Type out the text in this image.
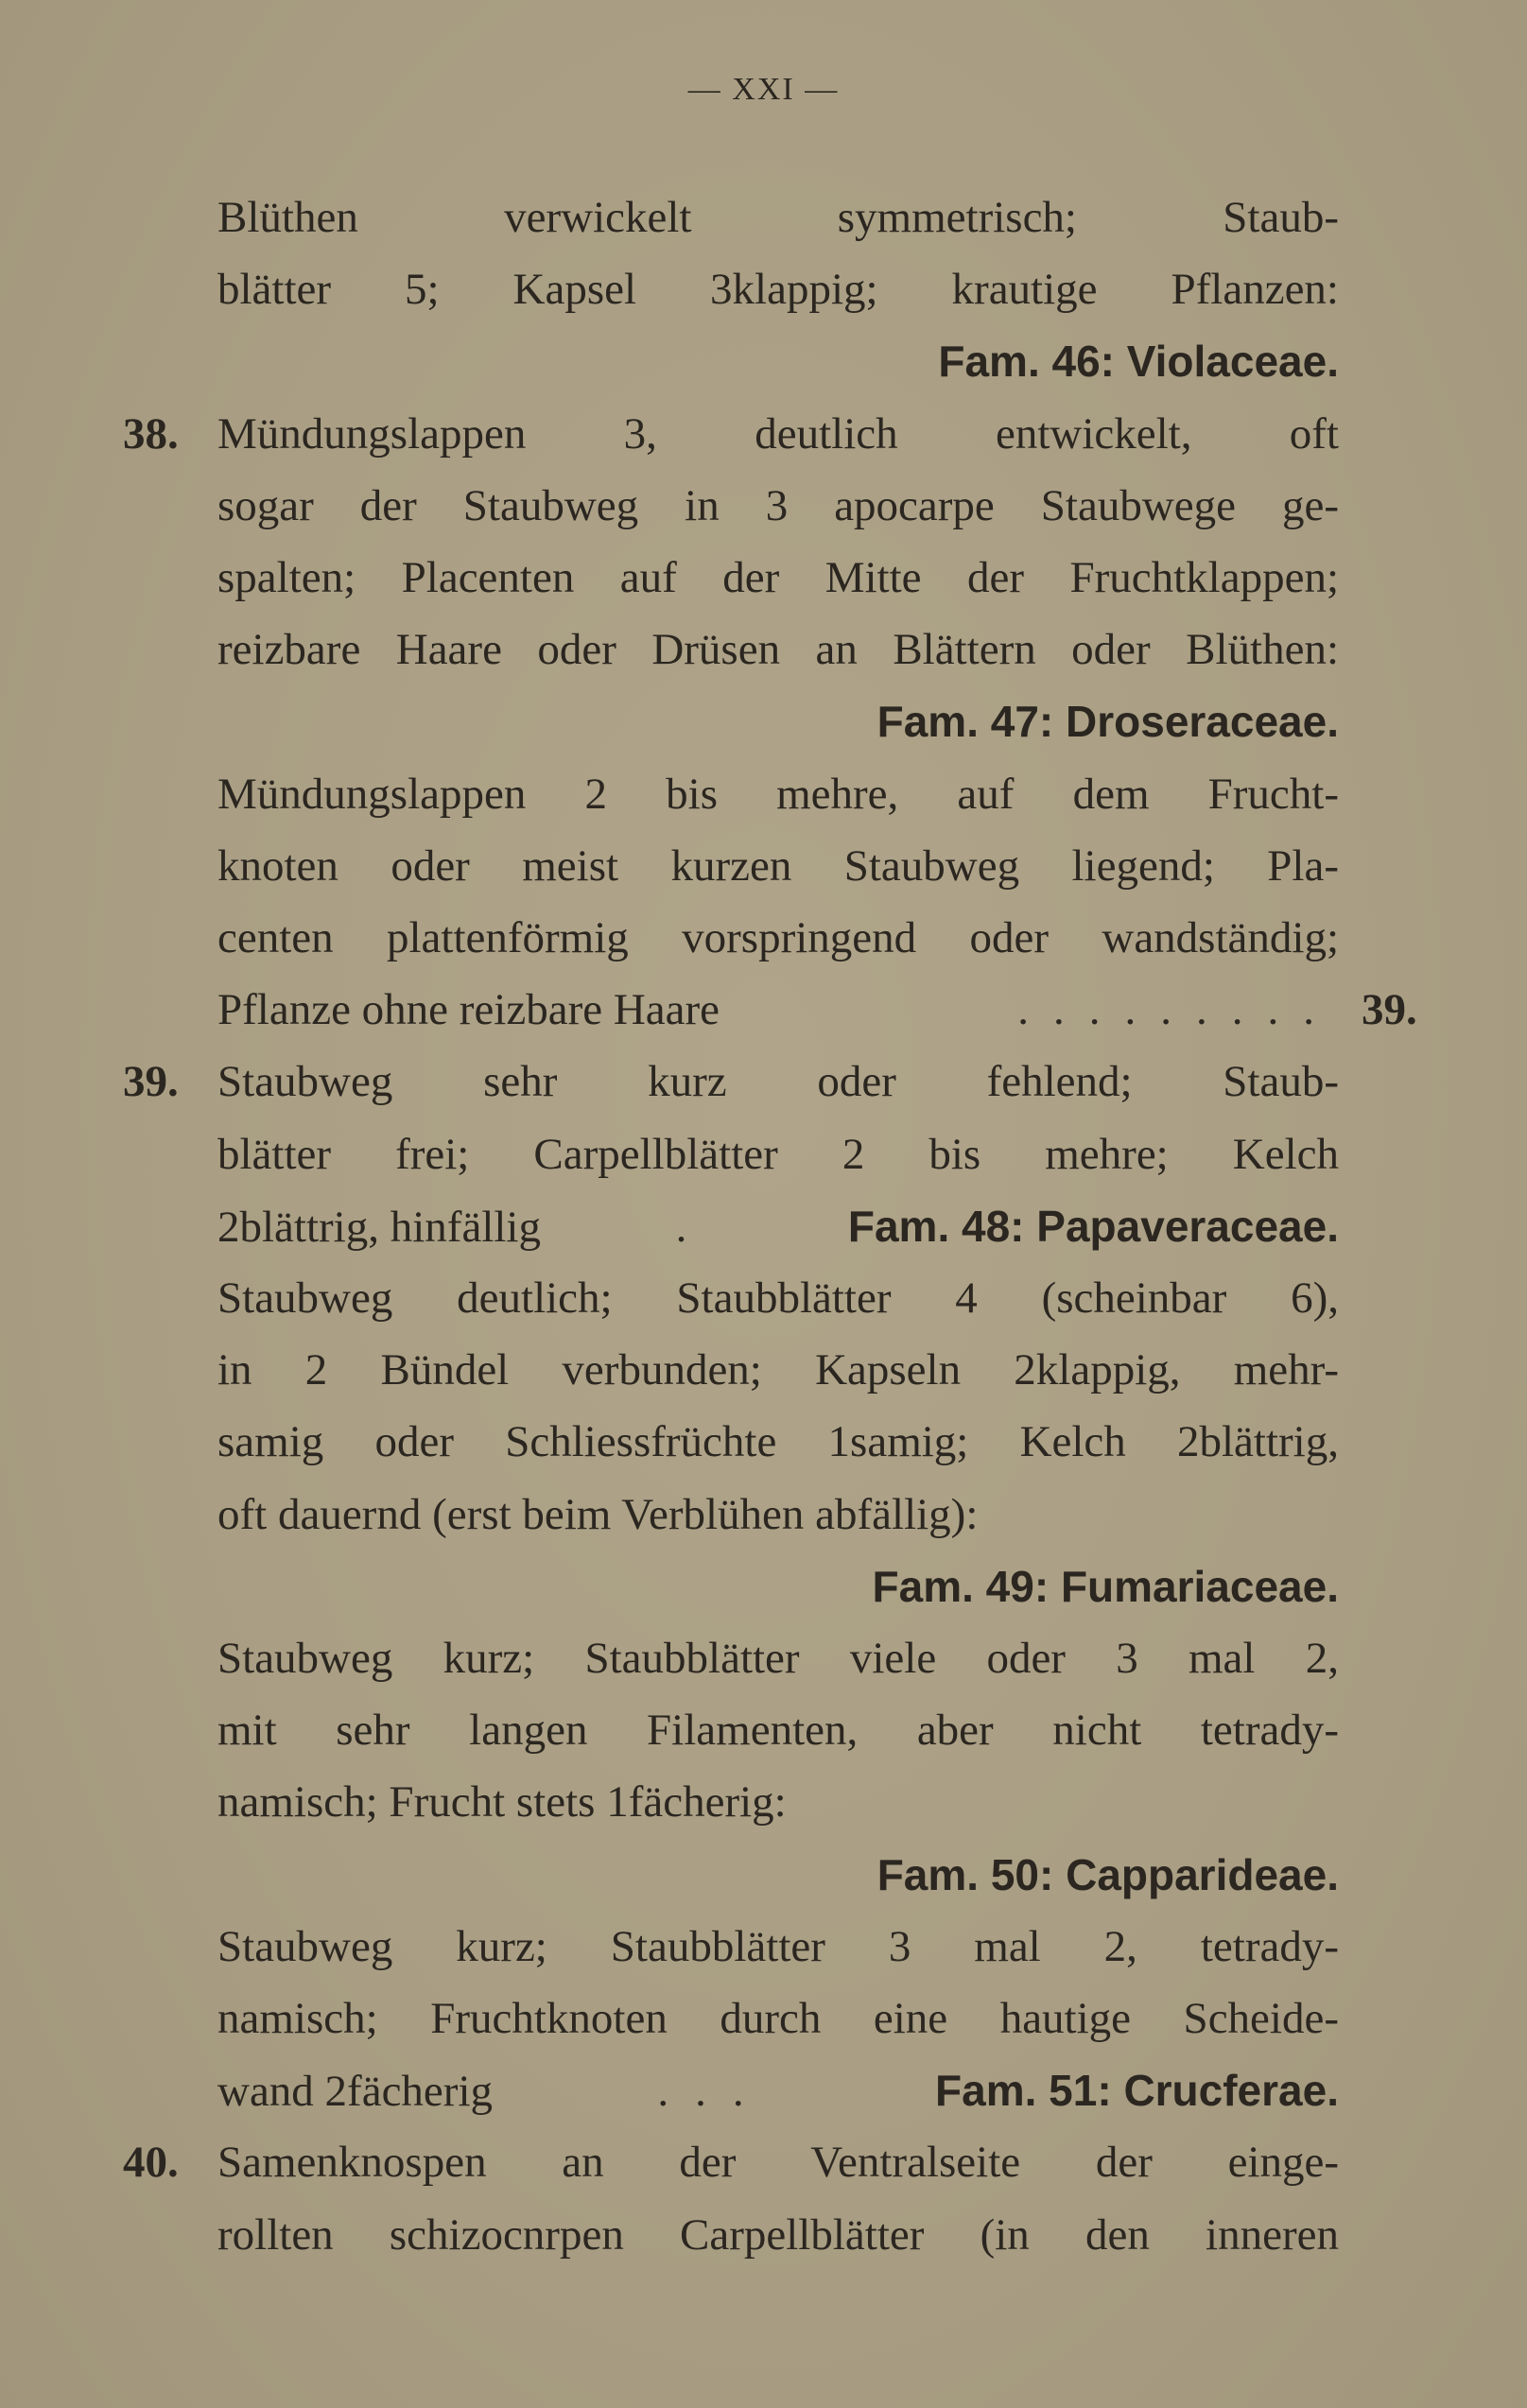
— XXI —
Blüthen verwickelt symmetrisch; Staub-
blätter 5; Kapsel 3klappig; krautige Pflanzen:
Fam. 46: Violaceae.
38. Mündungslappen 3, deutlich entwickelt, oft
sogar der Staubweg in 3 apocarpe Staubwege ge-
spalten; Placenten auf der Mitte der Fruchtklappen;
reizbare Haare oder Drüsen an Blättern oder Blüthen:
Fam. 47: Droseraceae.
Mündungslappen 2 bis mehre, auf dem Frucht-
knoten oder meist kurzen Staubweg liegend; Pla-
centen plattenförmig vorspringend oder wandständig;
Pflanze ohne reizbare Haare	......... 39.
39. Staubweg sehr kurz oder fehlend; Staub-
blätter frei; Carpellblätter 2 bis mehre; Kelch
2blättrig, hinfällig	.	Fam. 48: Papaveraceae.
Staubweg deutlich; Staubblätter 4 (scheinbar 6),
in 2 Bündel verbunden; Kapseln 2klappig, mehr-
samig oder Schliessfrüchte 1samig; Kelch 2blättrig,
oft dauernd (erst beim Verblühen abfällig):
Fam. 49: Fumariaceae.
Staubweg kurz; Staubblätter viele oder 3 mal 2,
mit sehr langen Filamenten, aber nicht tetrady-
namisch; Frucht stets 1fächerig:
Fam. 50: Capparideae.
Staubweg kurz; Staubblätter 3 mal 2, tetrady-
namisch; Fruchtknoten durch eine hautige Scheide-
wand 2fächerig	...	Fam. 51: Crucferae.
40. Samenknospen an der Ventralseite der einge-
rollten schizocnrpen Carpellblätter (in den inneren
